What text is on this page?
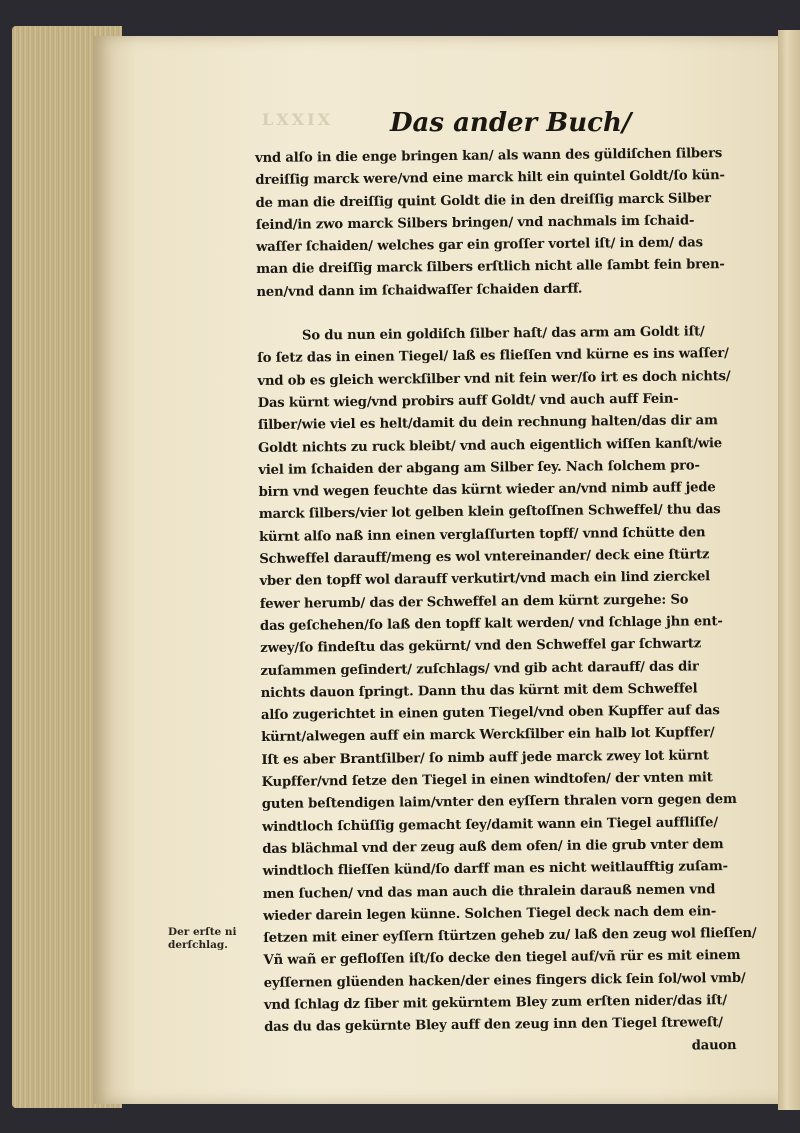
LXXIX Das ander Buch/
vnd alſo in die enge bringen kan/ als wann des güldiſchen ſilbers
dreiſſig marck were/vnd eine marck hilt ein quintel Goldt/ſo kün-
de man die dreiſſig quint Goldt die in den dreiſſig marck Silber
ſeind/in zwo marck Silbers bringen/ vnd nachmals im ſchaid-
waſſer ſchaiden/ welches gar ein groſſer vortel iſt/ in dem/ das
man die dreiſſig marck ſilbers erſtlich nicht alle ſambt fein bren-
nen/vnd dann im ſchaidwaſſer ſchaiden darff.
So du nun ein goldiſch ſilber haſt/ das arm am Goldt iſt/
ſo ſetz das in einen Tiegel/ laß es flieſſen vnd kürne es ins waſſer/
vnd ob es gleich werckſilber vnd nit fein wer/ſo irt es doch nichts/
Das kürnt wieg/vnd probirs auff Goldt/ vnd auch auff Fein-
ſilber/wie viel es helt/damit du dein rechnung halten/das dir am
Goldt nichts zu ruck bleibt/ vnd auch eigentlich wiſſen kanſt/wie
viel im ſchaiden der abgang am Silber ſey. Nach ſolchem pro-
birn vnd wegen feuchte das kürnt wieder an/vnd nimb auff jede
marck ſilbers/vier lot gelben klein geſtoſſnen Schweffel/ thu das
kürnt alſo naß inn einen verglaſſurten topff/ vnnd ſchütte den
Schweffel darauff/meng es wol vntereinander/ deck eine ſtürtz
vber den topff wol darauff verkutirt/vnd mach ein lind zierckel
fewer herumb/ das der Schweffel an dem kürnt zurgehe: So
das geſchehen/ſo laß den topff kalt werden/ vnd ſchlage jhn ent-
zwey/ſo findeſtu das gekürnt/ vnd den Schweffel gar ſchwartz
zuſammen geſindert/ zuſchlags/ vnd gib acht darauff/ das dir
nichts dauon ſpringt. Dann thu das kürnt mit dem Schweffel
alſo zugerichtet in einen guten Tiegel/vnd oben Kupffer auf das
kürnt/alwegen auff ein marck Werckſilber ein halb lot Kupffer/
Iſt es aber Brantſilber/ ſo nimb auff jede marck zwey lot kürnt
Kupffer/vnd ſetze den Tiegel in einen windtofen/ der vnten mit
guten beſtendigen laim/vnter den eyſſern thralen vorn gegen dem
windtloch ſchüſſig gemacht ſey/damit wann ein Tiegel auffliſſe/
das blächmal vnd der zeug auß dem ofen/ in die grub vnter dem
windtloch flieſſen künd/ſo darff man es nicht weitlaufftig zuſam-
men ſuchen/ vnd das man auch die thralein darauß nemen vnd
wieder darein legen künne. Solchen Tiegel deck nach dem ein-
ſetzen mit einer eyſſern ſtürtzen geheb zu/ laß den zeug wol flieſſen/
Vñ wañ er gefloſſen iſt/ſo decke den tiegel auf/vñ rür es mit einem
eyſſernen glüenden hacken/der eines fingers dick ſein ſol/wol vmb/
vnd ſchlag dz ſiber mit gekürntem Bley zum erſten nider/das iſt/
das du das gekürnte Bley auff den zeug inn den Tiegel ſtreweſt/
dauon
Der erſte ni
derſchlag.
